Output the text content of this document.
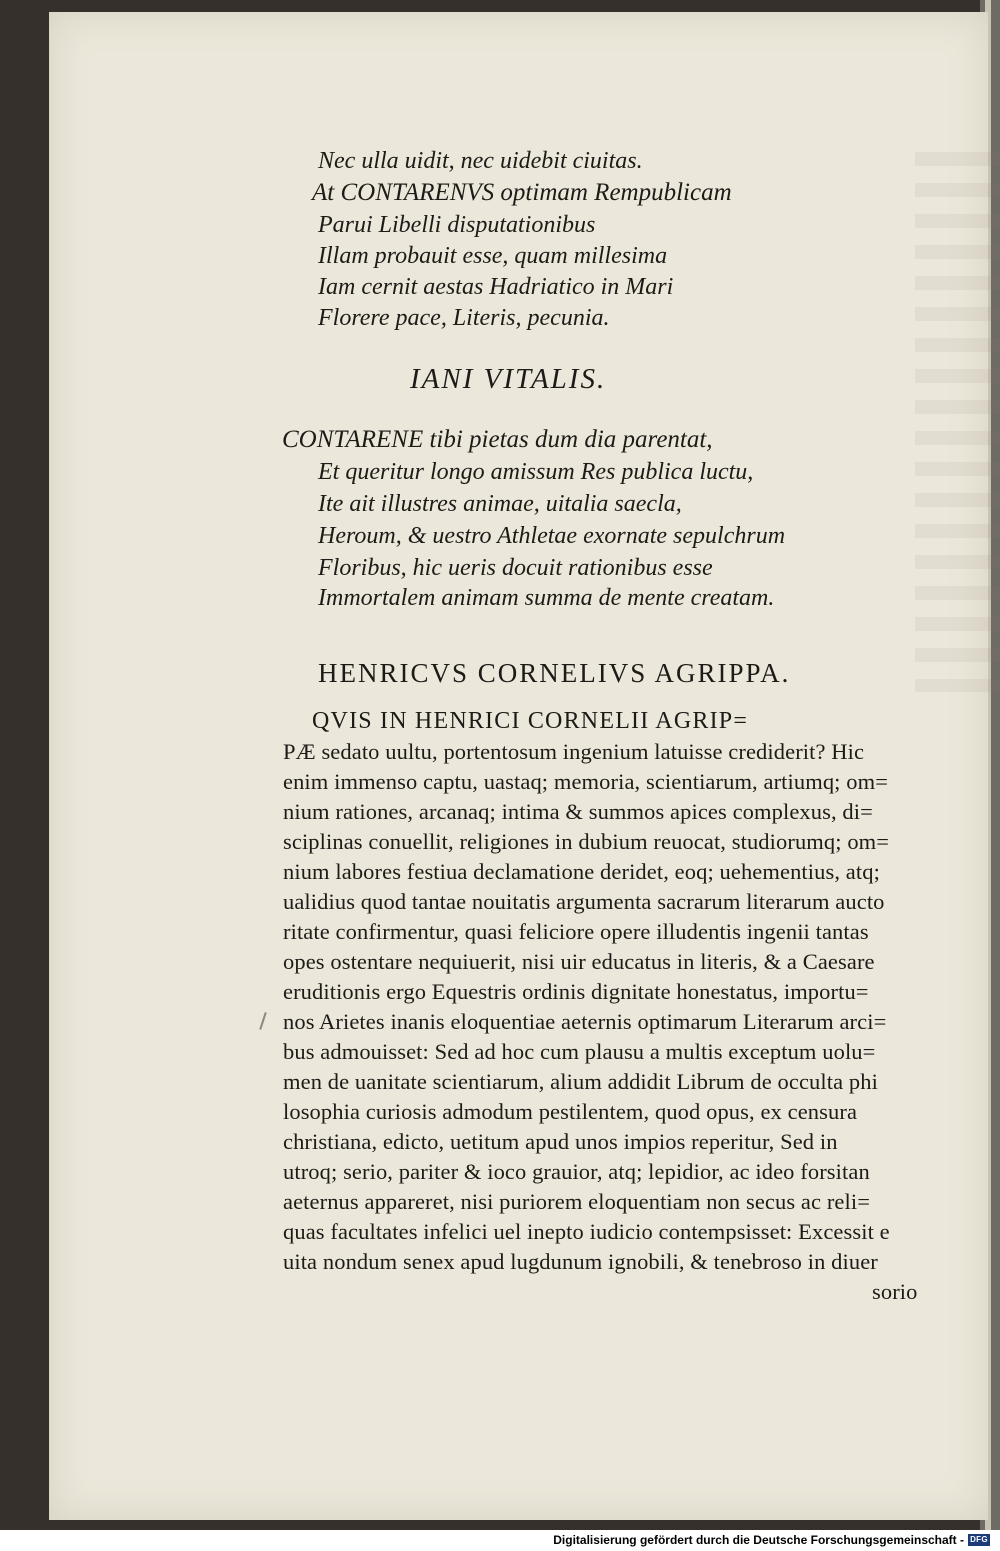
Nec ulla uidit, nec uidebit ciuitas.

At CONTARENVS optimam Rempublicam

Parui Libelli disputationibus

Illam probauit esse, quam millesima

Iam cernit aestas Hadriatico in Mari

Florere pace, Literis, pecunia.

IANI VITALIS.

CONTARENE tibi pietas dum dia parentat,

Et queritur longo amissum Res publica luctu,

Ite ait illustres animae, uitalia saecla,

Heroum, & uestro Athletae exornate sepulchrum

Floribus, hic ueris docuit rationibus esse

Immortalem animam summa de mente creatam.

HENRICVS CORNELIVS AGRIPPA.

QVIS IN HENRICI CORNELII AGRIP=

PÆ sedato uultu, portentosum ingenium latuisse crediderit? Hic

enim immenso captu, uastaq; memoria, scientiarum, artiumq; om=

nium rationes, arcanaq; intima & summos apices complexus, di=

sciplinas conuellit, religiones in dubium reuocat, studiorumq; om=

nium labores festiua declamatione deridet, eoq; uehementius, atq;

ualidius quod tantae nouitatis argumenta sacrarum literarum aucto

ritate confirmentur, quasi feliciore opere illudentis ingenii tantas

opes ostentare nequiuerit, nisi uir educatus in literis, & a Caesare

eruditionis ergo Equestris ordinis dignitate honestatus, importu=

nos Arietes inanis eloquentiae aeternis optimarum Literarum arci=

bus admouisset: Sed ad hoc cum plausu a multis exceptum uolu=

men de uanitate scientiarum, alium addidit Librum de occulta phi

losophia curiosis admodum pestilentem, quod opus, ex censura

christiana, edicto, uetitum apud unos impios reperitur, Sed in

utroq; serio, pariter & ioco grauior, atq; lepidior, ac ideo forsitan

aeternus appareret, nisi puriorem eloquentiam non secus ac reli=

quas facultates infelici uel inepto iudicio contempsisset: Excessit e

uita nondum senex apud lugdunum ignobili, & tenebroso in diuer

sorio

Digitalisierung gefördert durch die Deutsche Forschungsgemeinschaft - DFG
